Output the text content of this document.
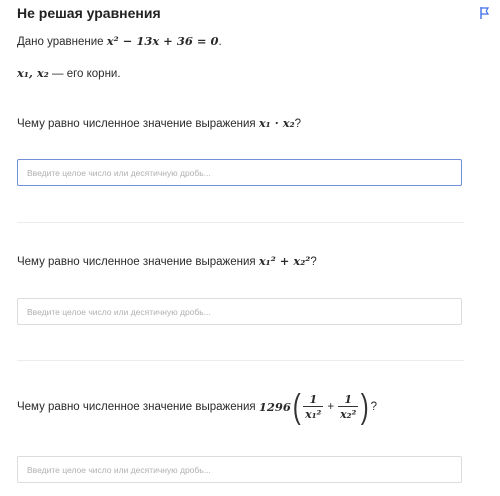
Не решая уравнения
Дано уравнение x² − 13x + 36 = 0.
x₁, x₂ — его корни.
Чему равно численное значение выражения x₁ · x₂?
Введите целое число или десятичную дробь...
Чему равно численное значение выражения x₁² + x₂²?
Введите целое число или десятичную дробь...
Чему равно численное значение выражения
1296 ( $\frac{1}{\text{x₁²}} + \frac{1}{\text{x₂²}}$ ) ?
Введите целое число или десятичную дробь...
